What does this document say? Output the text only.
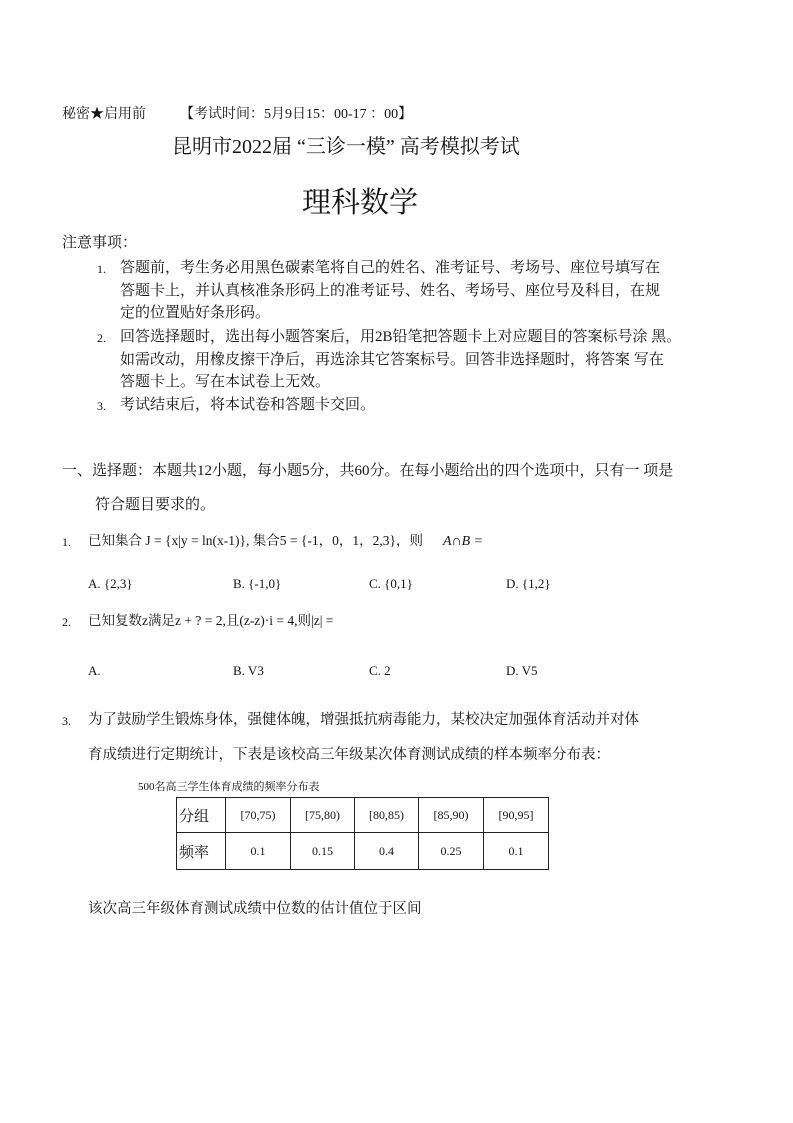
秘密★启用前 【考试时间：5月9日15：00-17 ：00】
昆明市2022届 “三诊一模” 高考模拟考试
理科数学
注意事项：
1. 答题前，考生务必用黑色碳素笔将自己的姓名、准考证号、考场号、座位号填写在
答题卡上，并认真核准条形码上的准考证号、姓名、考场号、座位号及科目，在规
定的位置贴好条形码。
2. 回答选择题时，选出每小题答案后，用2B铅笔把答题卡上对应题目的答案标号涂 黑。
如需改动，用橡皮擦干净后，再选涂其它答案标号。回答非选择题时，将答案 写在
答题卡上。写在本试卷上无效。
3. 考试结束后，将本试卷和答题卡交回。
一、选择题：本题共12小题，每小题5分，共60分。在每小题给出的四个选项中，只有一 项是
符合题目要求的。
1. 已知集合 J = {x|y = ln(x-1)}, 集合5 = {-1，0，1，2,3}，则 A∩B =
A. {2,3}	B. {-1,0}	C. {0,1}	D. {1,2}
2. 已知复数z满足z + ? = 2,且(z-z)·i = 4,则|z| =
A.	B. V3	C. 2	D. V5
3. 为了鼓励学生锻炼身体，强健体魄，增强抵抗病毒能力，某校决定加强体育活动并对体
育成绩进行定期统计，下表是该校高三年级某次体育测试成绩的样本频率分布表：
500名高三学生体育成绩的频率分布表
分组	[70,75)	[75,80)	[80,85)	[85,90)	[90,95]
频率	0.1	0.15	0.4	0.25	0.1
该次高三年级体育测试成绩中位数的估计值位于区间
